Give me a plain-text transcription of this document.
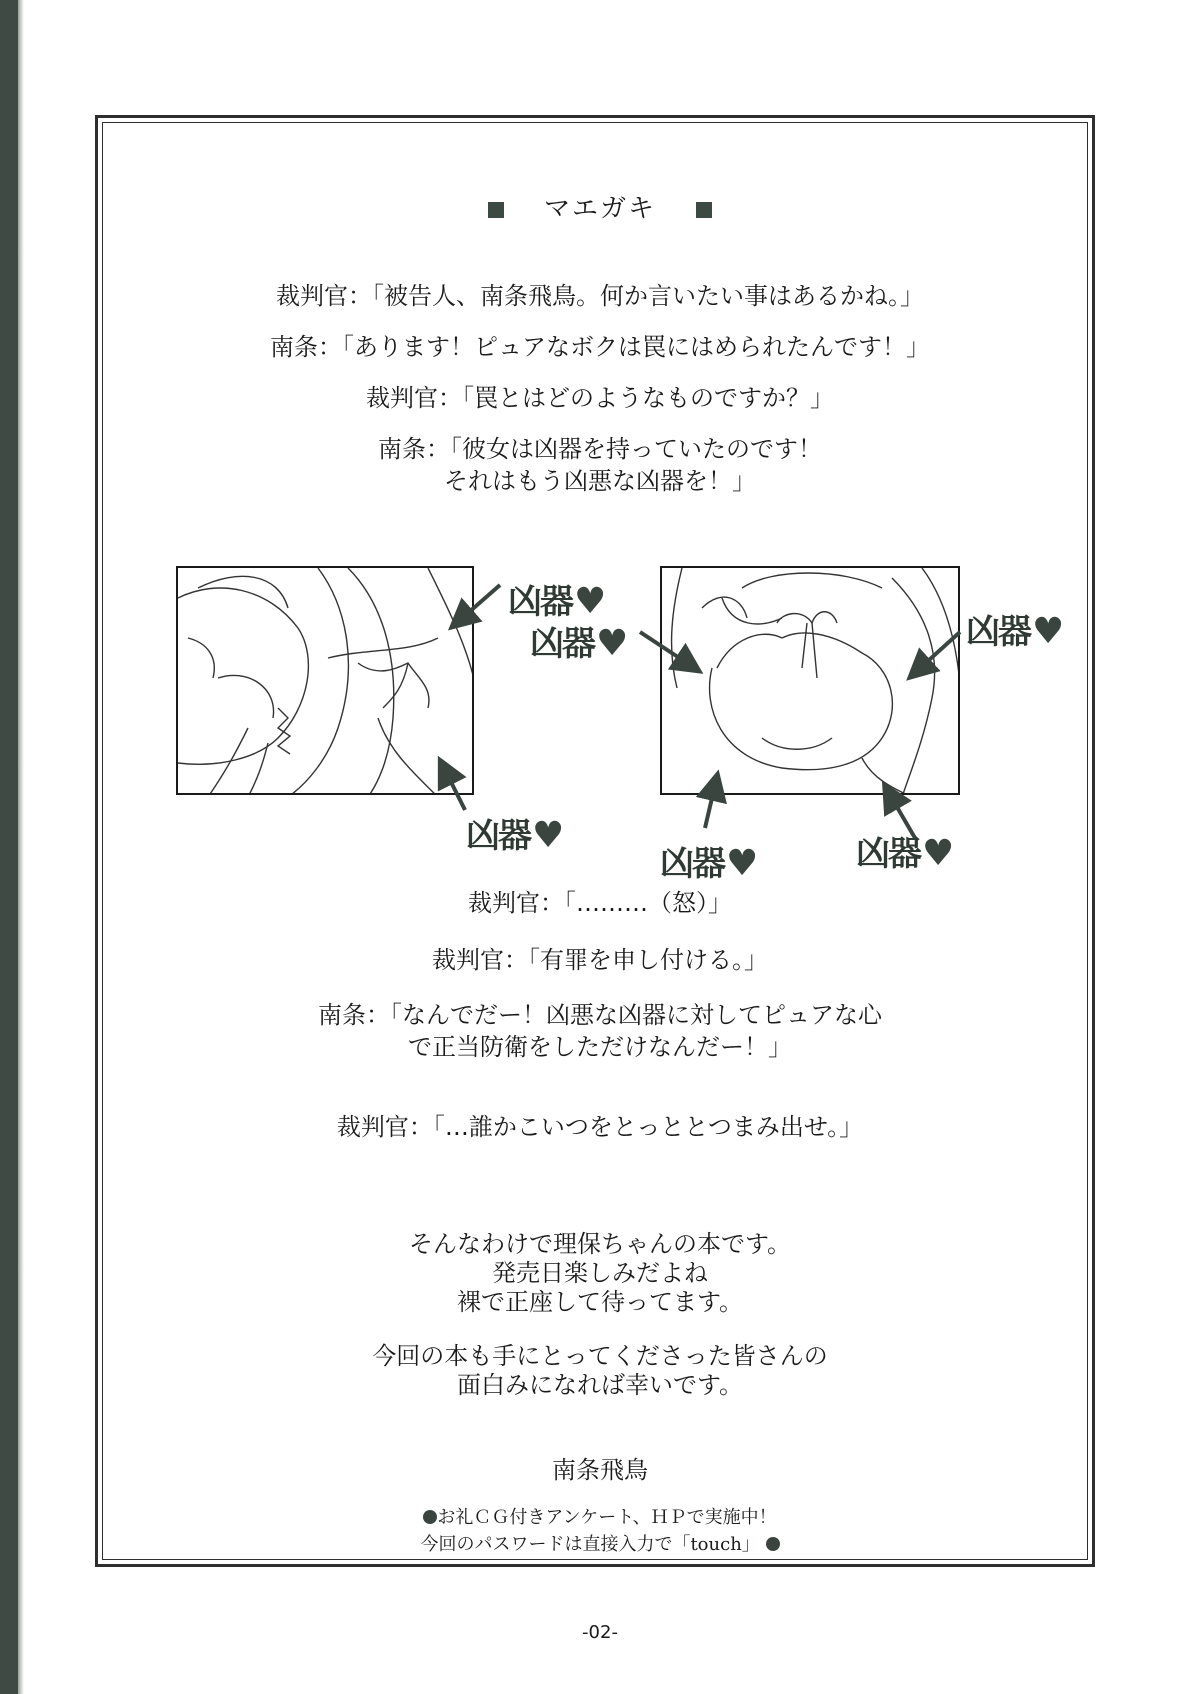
マエガキ
裁判官：「被告人、南条飛鳥。何か言いたい事はあるかね。」
南条：「あります！ピュアなボクは罠にはめられたんです！」
裁判官：「罠とはどのようなものですか？」
南条：「彼女は凶器を持っていたのです！
それはもう凶悪な凶器を！」
凶器♥
凶器♥	凶器♥
凶器♥
凶器♥	凶器♥
裁判官：「………（怒）」
裁判官：「有罪を申し付ける。」
南条：「なんでだー！凶悪な凶器に対してピュアな心
で正当防衛をしただけなんだー！」
裁判官：「…誰かこいつをとっととつまみ出せ。」
そんなわけで理保ちゃんの本です。
発売日楽しみだよね
裸で正座して待ってます。
今回の本も手にとってくださった皆さんの
面白みになれば幸いです。
南条飛鳥
お礼ＣＧ付きアンケート、ＨＰで実施中！
今回のパスワードは直接入力で「touch」
-02-
